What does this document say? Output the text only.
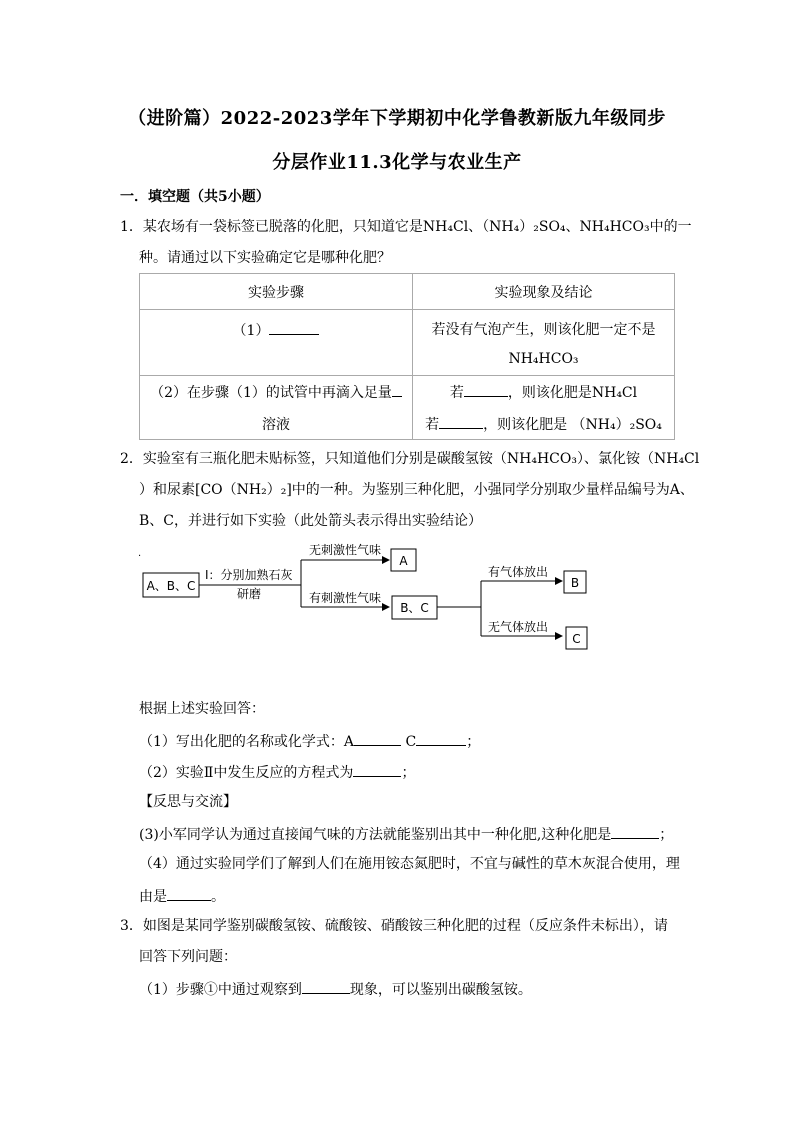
（进阶篇）2022-2023学年下学期初中化学鲁教新版九年级同步
分层作业11.3化学与农业生产
一．填空题（共5小题）
1．某农场有一袋标签已脱落的化肥，只知道它是NH₄Cl、（NH₄）₂SO₄、NH₄HCO₃中的一
种。请通过以下实验确定它是哪种化肥？
实验步骤	实验现象及结论
（1）	若没有气泡产生，则该化肥一定不是
NH₄HCO₃

（2）在步骤（1）的试管中再滴入足量
溶液	若 ，则该化肥是NH₄Cl
若 ，则该化肥是 （NH₄）₂SO₄
2．实验室有三瓶化肥未贴标签，只知道他们分别是碳酸氢铵（NH₄HCO₃）、氯化铵（NH₄Cl
）和尿素[CO（NH₂）₂]中的一种。为鉴别三种化肥，小强同学分别取少量样品编号为A、
B、C，并进行如下实验（此处箭头表示得出实验结论）
.
A、B、C
I：分别加熟石灰
研磨
无刺激性气味
A
有刺激性气味
B、C
有气体放出
B
无气体放出
C
根据上述实验回答：
（1）写出化肥的名称或化学式：A	C	；
（2）实验Ⅱ中发生反应的方程式为	；
【反思与交流】
(3)小军同学认为通过直接闻气味的方法就能鉴别出其中一种化肥,这种化肥是	；
（4）通过实验同学们了解到人们在施用铵态氮肥时，不宜与碱性的草木灰混合使用，理
由是	。
3．如图是某同学鉴别碳酸氢铵、硫酸铵、硝酸铵三种化肥的过程（反应条件未标出），请
回答下列问题：
（1）步骤①中通过观察到	现象，可以鉴别出碳酸氢铵。
